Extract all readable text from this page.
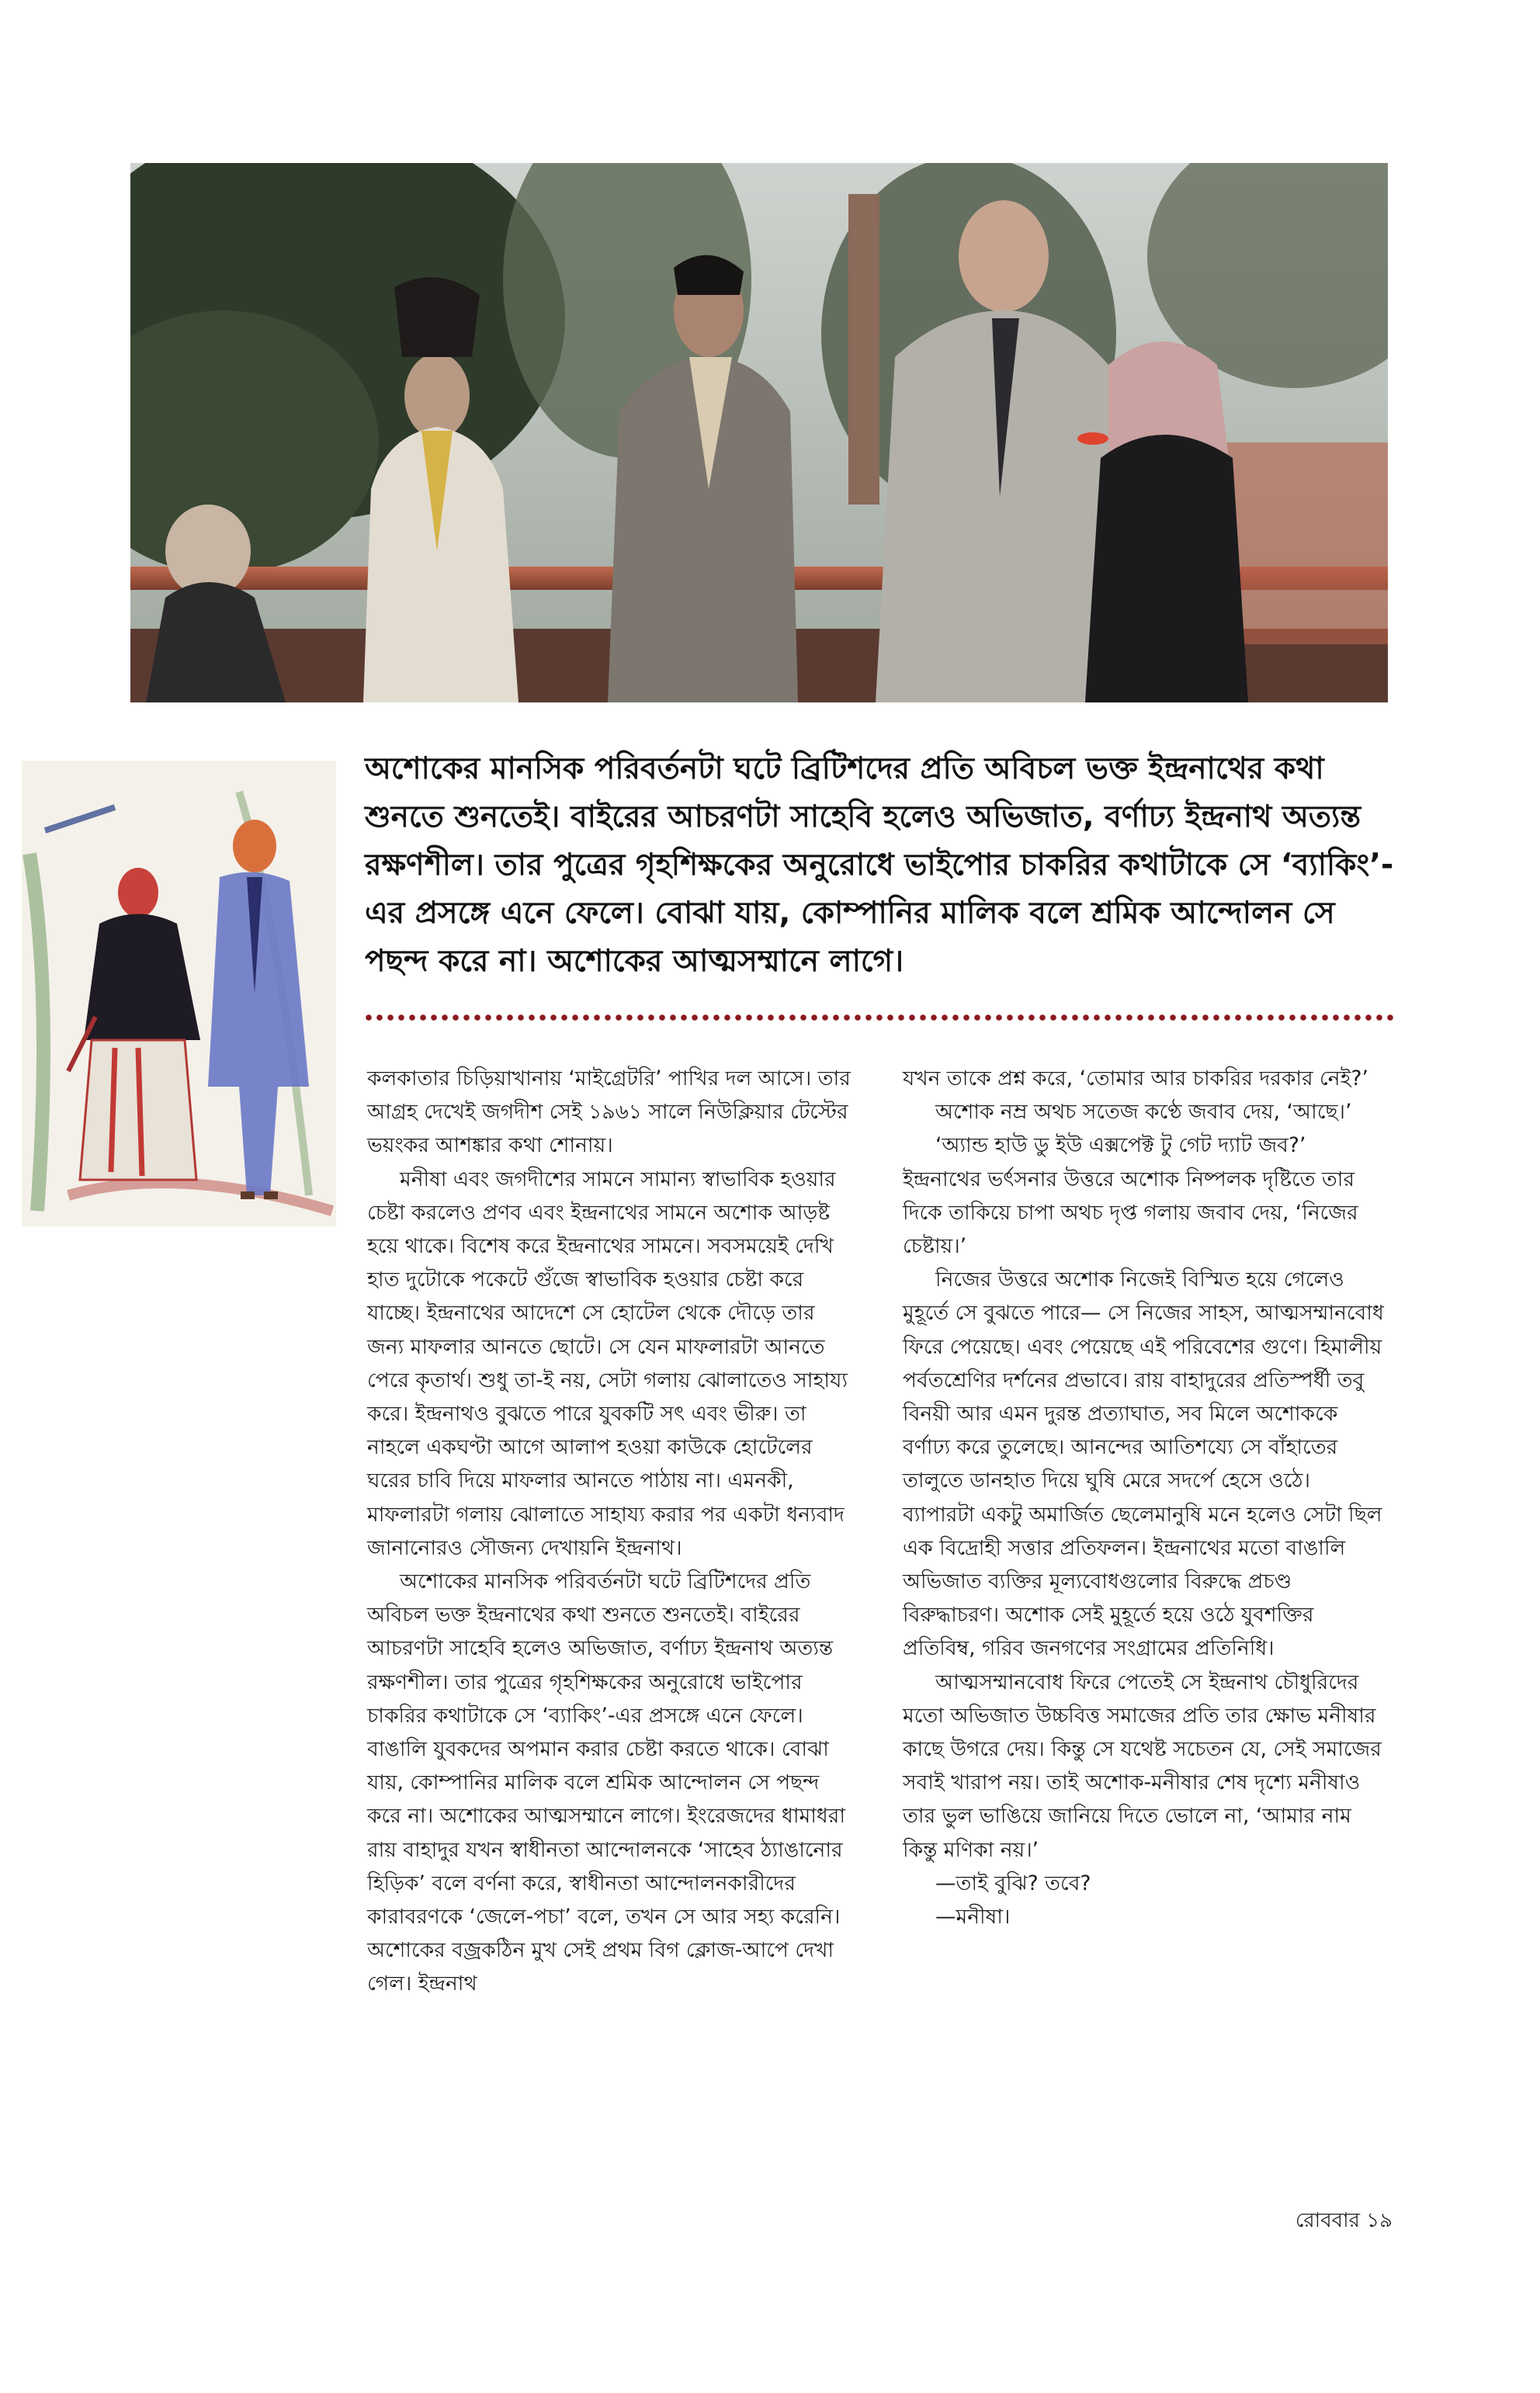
অশোকের মানসিক পরিবর্তনটা ঘটে ব্রিটিশদের প্রতি অবিচল ভক্ত ইন্দ্রনাথের কথা শুনতে শুনতেই। বাইরের আচরণটা সাহেবি হলেও অভিজাত, বর্ণাঢ্য ইন্দ্রনাথ অত্যন্ত রক্ষণশীল। তার পুত্রের গৃহশিক্ষকের অনুরোধে ভাইপোর চাকরির কথাটাকে সে ‘ব্যাকিং’-এর প্রসঙ্গে এনে ফেলে। বোঝা যায়, কোম্পানির মালিক বলে শ্রমিক আন্দোলন সে পছন্দ করে না। অশোকের আত্মসম্মানে লাগে।

কলকাতার চিড়িয়াখানায় ‘মাইগ্রেটরি’ পাখির দল আসে। তার আগ্রহ দেখেই জগদীশ সেই ১৯৬১ সালে নিউক্লিয়ার টেস্টের ভয়ংকর আশঙ্কার কথা শোনায়।

মনীষা এবং জগদীশের সামনে সামান্য স্বাভাবিক হওয়ার চেষ্টা করলেও প্রণব এবং ইন্দ্রনাথের সামনে অশোক আড়ষ্ট হয়ে থাকে। বিশেষ করে ইন্দ্রনাথের সামনে। সবসময়েই দেখি হাত দুটোকে পকেটে গুঁজে স্বাভাবিক হওয়ার চেষ্টা করে যাচ্ছে। ইন্দ্রনাথের আদেশে সে হোটেল থেকে দৌড়ে তার জন্য মাফলার আনতে ছোটে। সে যেন মাফলারটা আনতে পেরে কৃতার্থ। শুধু তা-ই নয়, সেটা গলায় ঝোলাতেও সাহায্য করে। ইন্দ্রনাথও বুঝতে পারে যুবকটি সৎ এবং ভীরু। তা নাহলে একঘণ্টা আগে আলাপ হওয়া কাউকে হোটেলের ঘরের চাবি দিয়ে মাফলার আনতে পাঠায় না। এমনকী, মাফলারটা গলায় ঝোলাতে সাহায্য করার পর একটা ধন্যবাদ জানানোরও সৌজন্য দেখায়নি ইন্দ্রনাথ।

অশোকের মানসিক পরিবর্তনটা ঘটে ব্রিটিশদের প্রতি অবিচল ভক্ত ইন্দ্রনাথের কথা শুনতে শুনতেই। বাইরের আচরণটা সাহেবি হলেও অভিজাত, বর্ণাঢ্য ইন্দ্রনাথ অত্যন্ত রক্ষণশীল। তার পুত্রের গৃহশিক্ষকের অনুরোধে ভাইপোর চাকরির কথাটাকে সে ‘ব্যাকিং’-এর প্রসঙ্গে এনে ফেলে। বাঙালি যুবকদের অপমান করার চেষ্টা করতে থাকে। বোঝা যায়, কোম্পানির মালিক বলে শ্রমিক আন্দোলন সে পছন্দ করে না। অশোকের আত্মসম্মানে লাগে। ইংরেজদের ধামাধরা রায় বাহাদুর যখন স্বাধীনতা আন্দোলনকে ‘সাহেব ঠ্যাঙানোর হিড়িক’ বলে বর্ণনা করে, স্বাধীনতা আন্দোলনকারীদের কারাবরণকে ‘জেলে-পচা’ বলে, তখন সে আর সহ্য করেনি। অশোকের বজ্রকঠিন মুখ সেই প্রথম বিগ ক্লোজ-আপে দেখা গেল। ইন্দ্রনাথ

যখন তাকে প্রশ্ন করে, ‘তোমার আর চাকরির দরকার নেই?’

অশোক নম্র অথচ সতেজ কণ্ঠে জবাব দেয়, ‘আছে।’

‘অ্যান্ড হাউ ডু ইউ এক্সপেক্ট টু গেট দ্যাট জব?’ ইন্দ্রনাথের ভর্ৎসনার উত্তরে অশোক নিষ্পলক দৃষ্টিতে তার দিকে তাকিয়ে চাপা অথচ দৃপ্ত গলায় জবাব দেয়, ‘নিজের চেষ্টায়।’

নিজের উত্তরে অশোক নিজেই বিস্মিত হয়ে গেলেও মুহূর্তে সে বুঝতে পারে— সে নিজের সাহস, আত্মসম্মানবোধ ফিরে পেয়েছে। এবং পেয়েছে এই পরিবেশের গুণে। হিমালীয় পর্বতশ্রেণির দর্শনের প্রভাবে। রায় বাহাদুরের প্রতিস্পর্ধী তবু বিনয়ী আর এমন দুরন্ত প্রত্যাঘাত, সব মিলে অশোককে বর্ণাঢ্য করে তুলেছে। আনন্দের আতিশয্যে সে বাঁহাতের তালুতে ডানহাত দিয়ে ঘুষি মেরে সদর্পে হেসে ওঠে। ব্যাপারটা একটু অমার্জিত ছেলেমানুষি মনে হলেও সেটা ছিল এক বিদ্রোহী সত্তার প্রতিফলন। ইন্দ্রনাথের মতো বাঙালি অভিজাত ব্যক্তির মূল্যবোধগুলোর বিরুদ্ধে প্রচণ্ড বিরুদ্ধাচরণ। অশোক সেই মুহূর্তে হয়ে ওঠে যুবশক্তির প্রতিবিম্ব, গরিব জনগণের সংগ্রামের প্রতিনিধি।

আত্মসম্মানবোধ ফিরে পেতেই সে ইন্দ্রনাথ চৌধুরিদের মতো অভিজাত উচ্চবিত্ত সমাজের প্রতি তার ক্ষোভ মনীষার কাছে উগরে দেয়। কিন্তু সে যথেষ্ট সচেতন যে, সেই সমাজের সবাই খারাপ নয়। তাই অশোক-মনীষার শেষ দৃশ্যে মনীষাও তার ভুল ভাঙিয়ে জানিয়ে দিতে ভোলে না, ‘আমার নাম কিন্তু মণিকা নয়।’

—তাই বুঝি? তবে?

—মনীষা।

রোববার ১৯
